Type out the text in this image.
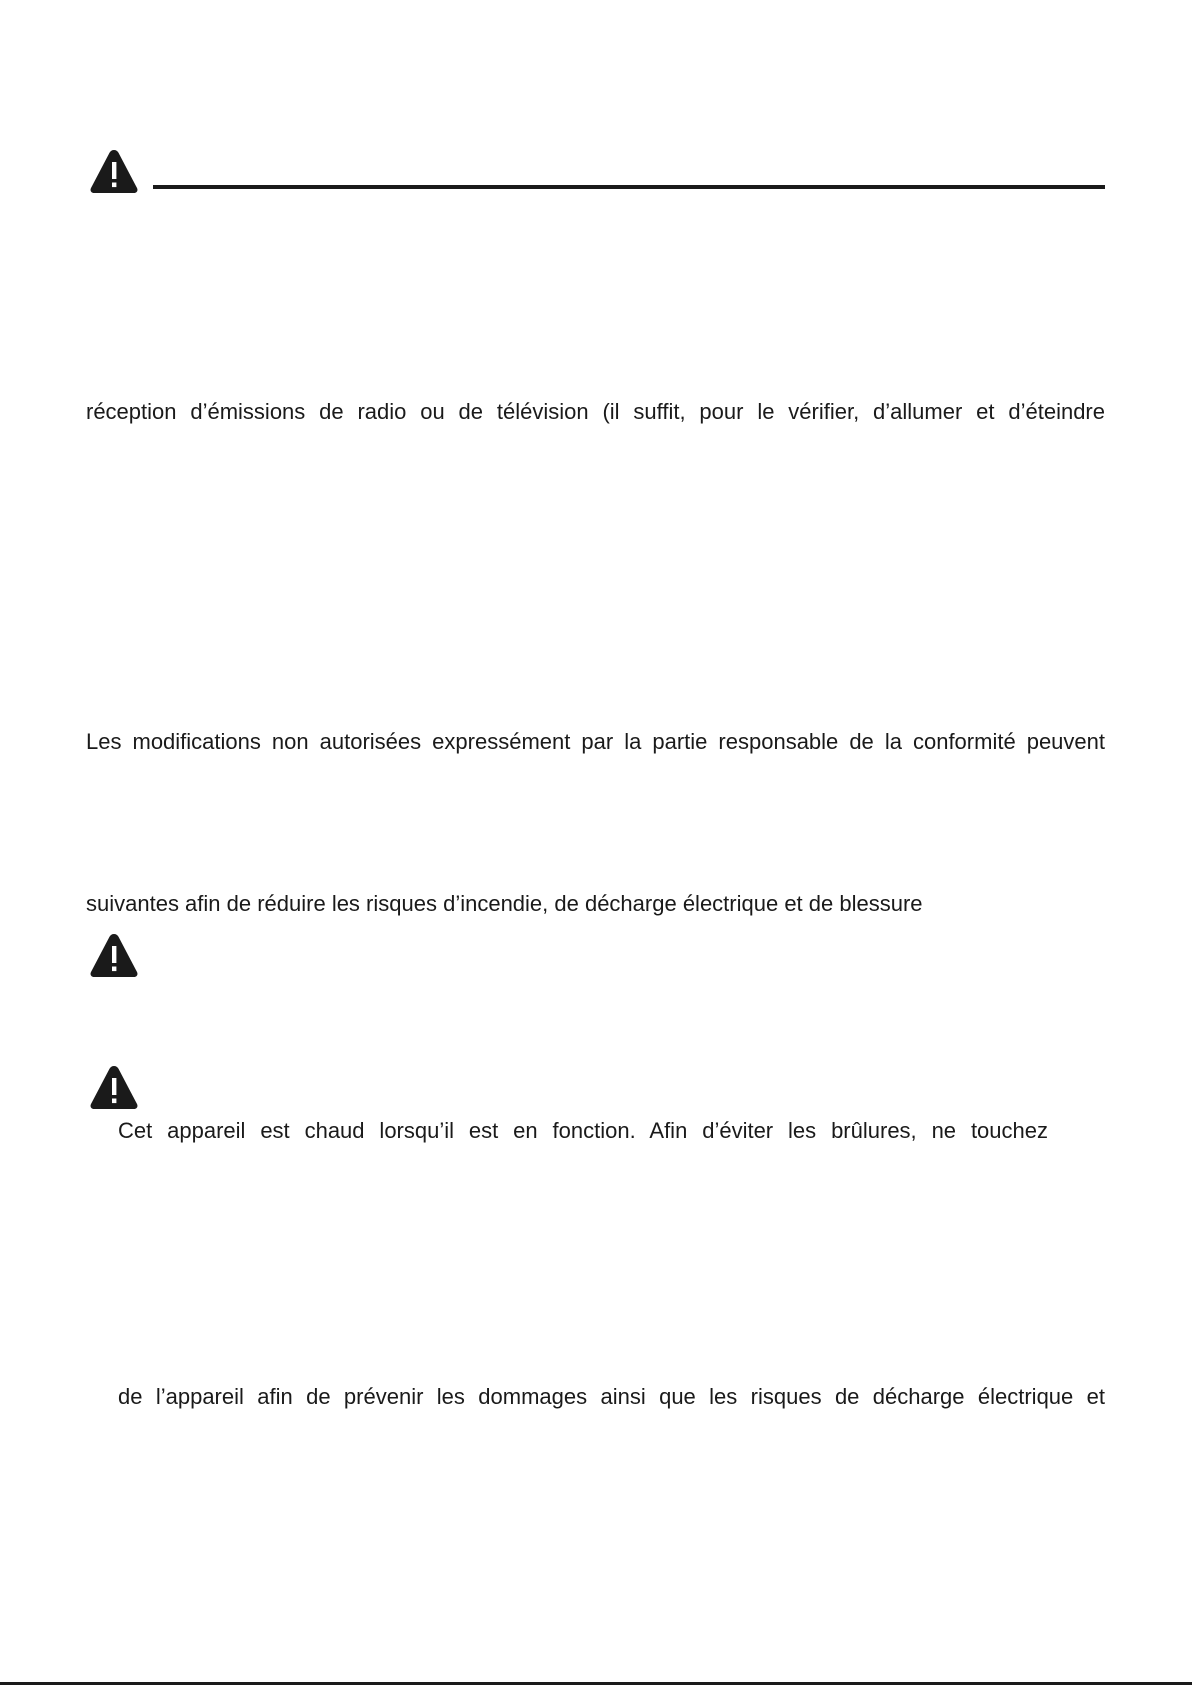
réception d’émissions de radio ou de télévision (il suffit, pour le vérifier, d’allumer et d’éteindre
Les modifications non autorisées expressément par la partie responsable de la conformité peuvent
suivantes afin de réduire les risques d’incendie, de décharge électrique et de blessure
Cet appareil est chaud lorsqu’il est en fonction. Afin d’éviter les brûlures, ne touchez
de l’appareil afin de prévenir les dommages ainsi que les risques de décharge électrique et
